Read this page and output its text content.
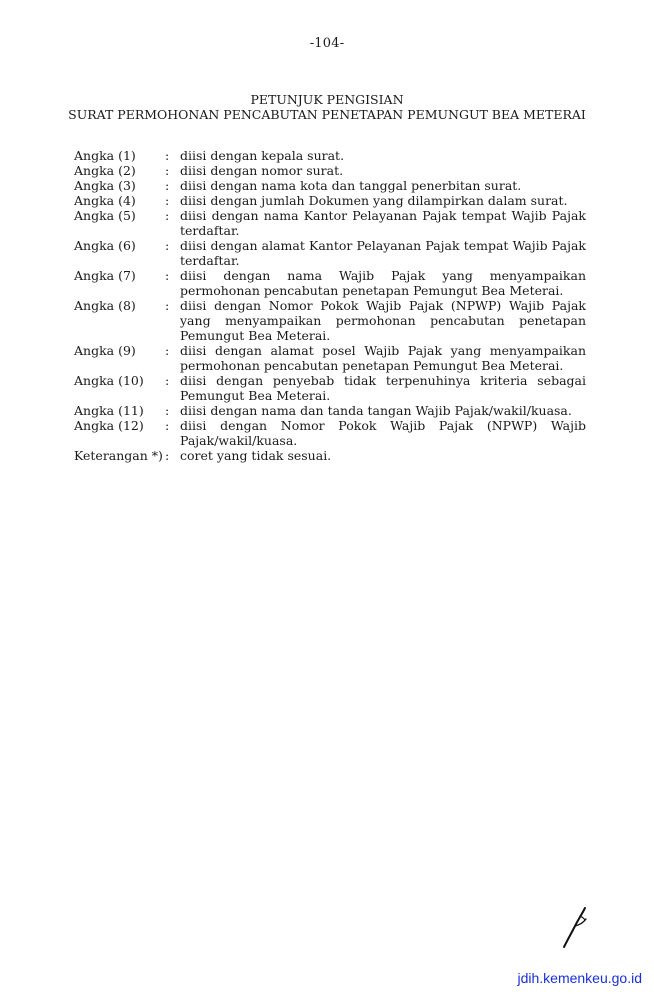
-104-
PETUNJUK PENGISIAN
SURAT PERMOHONAN PENCABUTAN PENETAPAN PEMUNGUT BEA METERAI
Angka (1)	: diisi dengan kepala surat.
Angka (2)	: diisi dengan nomor surat.
Angka (3)	: diisi dengan nama kota dan tanggal penerbitan surat.
Angka (4)	: diisi dengan jumlah Dokumen yang dilampirkan dalam surat.
Angka (5)	: diisi dengan nama Kantor Pelayanan Pajak tempat Wajib Pajak terdaftar.
Angka (6)	: diisi dengan alamat Kantor Pelayanan Pajak tempat Wajib Pajak terdaftar.
Angka (7)	: diisi dengan nama Wajib Pajak yang menyampaikan permohonan pencabutan penetapan Pemungut Bea Meterai.
Angka (8)	: diisi dengan Nomor Pokok Wajib Pajak (NPWP) Wajib Pajak yang menyampaikan permohonan pencabutan penetapan Pemungut Bea Meterai.
Angka (9)	: diisi dengan alamat posel Wajib Pajak yang menyampaikan permohonan pencabutan penetapan Pemungut Bea Meterai.
Angka (10)	: diisi dengan penyebab tidak terpenuhinya kriteria sebagai Pemungut Bea Meterai.
Angka (11)	: diisi dengan nama dan tanda tangan Wajib Pajak/wakil/kuasa.
Angka (12)	: diisi dengan Nomor Pokok Wajib Pajak (NPWP) Wajib Pajak/wakil/kuasa.
Keterangan *) : coret yang tidak sesuai.
jdih.kemenkeu.go.id
